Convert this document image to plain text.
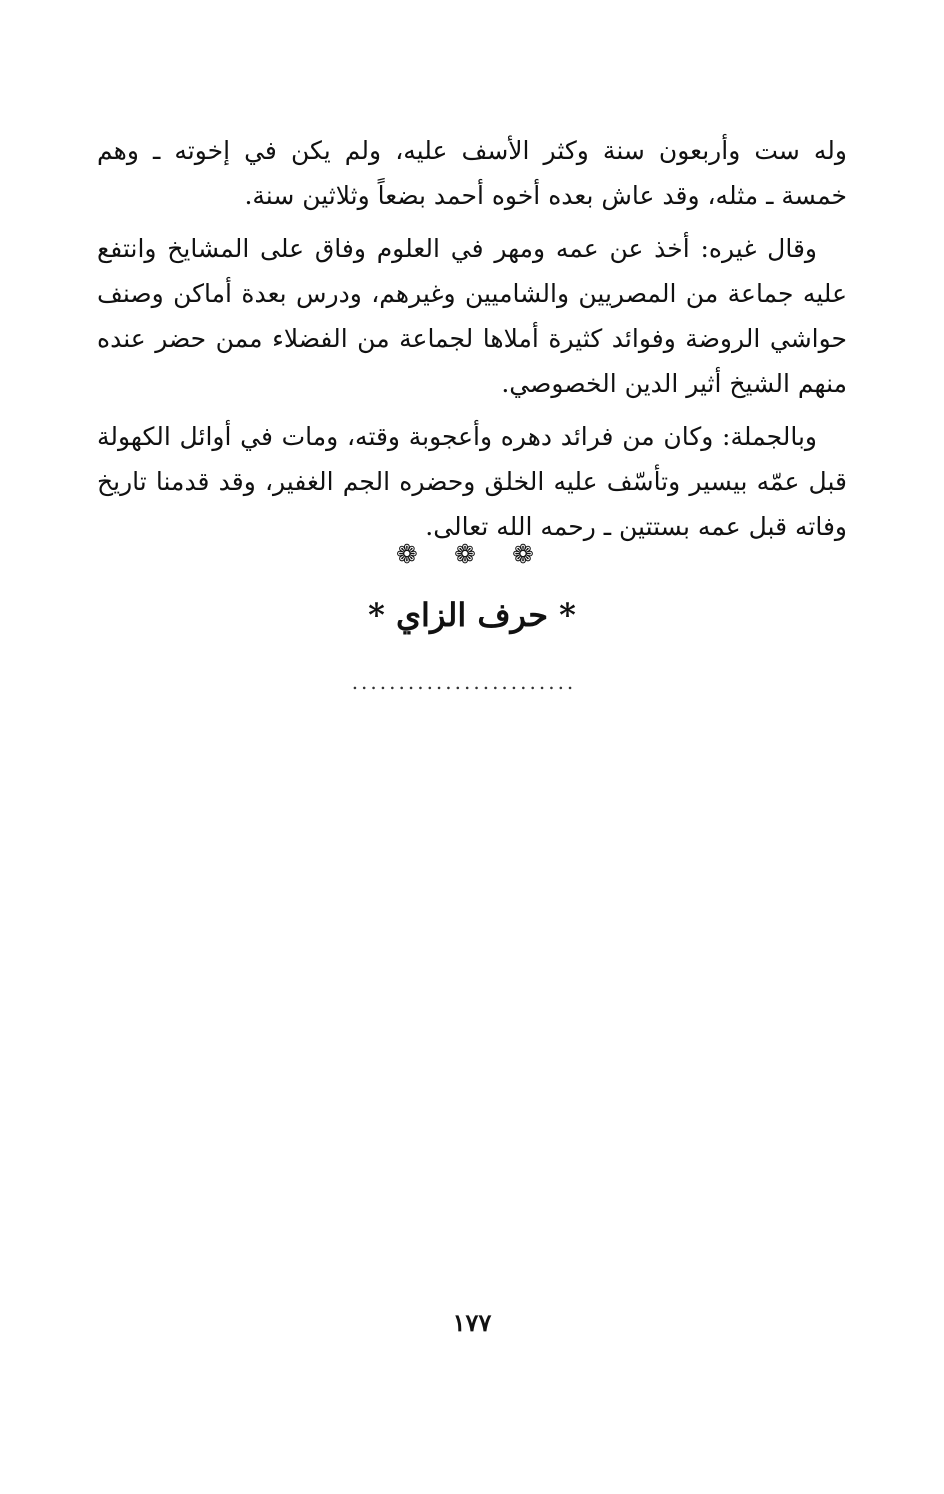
وله ست وأربعون سنة وكثر الأسف عليه، ولم يكن في إخوته ـ وهم خمسة ـ مثله، وقد عاش بعده أخوه أحمد بضعاً وثلاثين سنة.

وقال غيره: أخذ عن عمه ومهر في العلوم وفاق على المشايخ وانتفع عليه جماعة من المصريين والشاميين وغيرهم، ودرس بعدة أماكن وصنف حواشي الروضة وفوائد كثيرة أملاها لجماعة من الفضلاء ممن حضر عنده منهم الشيخ أثير الدين الخصوصي.

وبالجملة: وكان من فرائد دهره وأعجوبة وقته، ومات في أوائل الكهولة قبل عمّه بيسير وتأسّف عليه الخلق وحضره الجم الغفير، وقد قدمنا تاريخ وفاته قبل عمه بستتين ـ رحمه الله تعالى.

❁ ❁ ❁
* حرف الزاي *
........................
١٧٧
